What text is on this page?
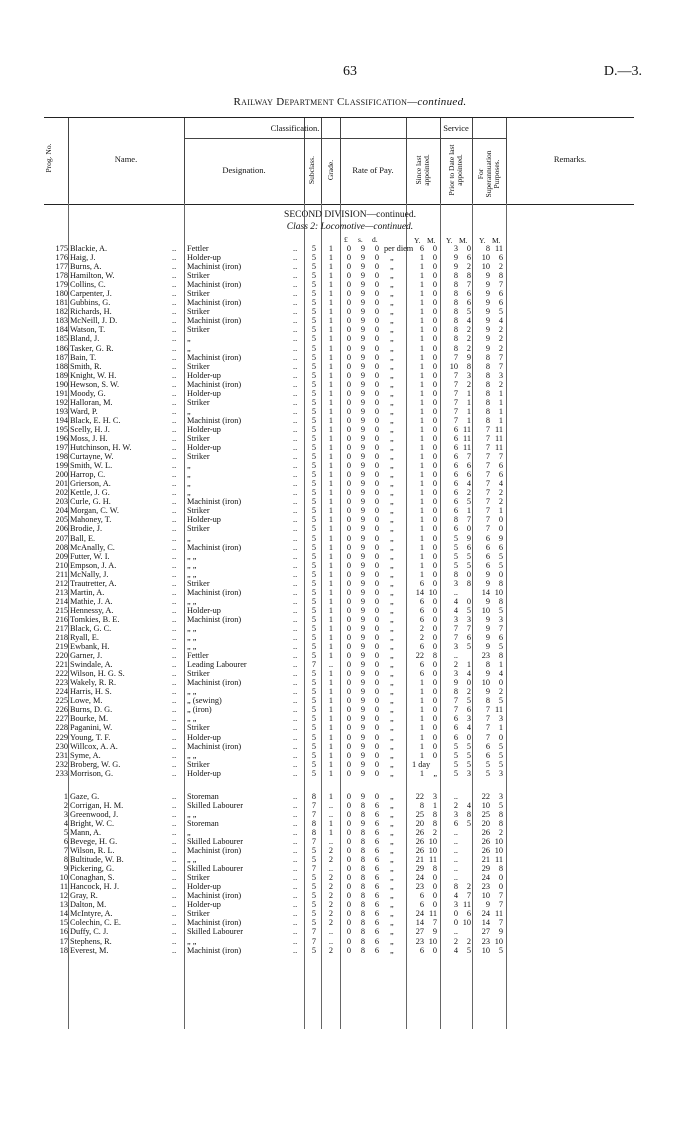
63	D.—3.
Railway Department Classification—continued.
Prog. No.	Name.
Classification.
Designation.	Subclass. Grade.	Rate of Pay.
Service
Since last appointed. Prior to Date last appointed. For Superannuation Purposes.
Remarks.
SECOND DIVISION—continued.
Class 2: Locomotive—continued.
£ s. d.	Y. M. Y. M. Y. M.
175 Blackie, A.	.. Fettler	..	5	1	0	9	0 per diem 6	0	3	0	8 11
176 Haig, J.	.. Holder-up	..	5	1	0	9	0	„	1	0	9	6	10	6
177 Burns, A.	.. Machinist (iron)	..	5	1	0	9	0	„	1	0	9	2	10	2
178 Hamilton, W.	.. Striker	..	5	1	0	9	0	„	1	0	8	8	9	8
179 Collins, C.	.. Machinist (iron)	..	5	1	0	9	0	„	1	0	8	7	9	7
180 Carpenter, J.	.. Striker	..	5	1	0	9	0	„	1	0	8	6	9	6
181 Gubbins, G.	.. Machinist (iron)	..	5	1	0	9	0	„	1	0	8	6	9	6
182 Richards, H.	.. Striker	..	5	1	0	9	0	„	1	0	8	5	9	5
183 McNeill, J. D.	.. Machinist (iron)	..	5	1	0	9	0	„	1	0	8	4	9	4
184 Watson, T.	.. Striker	..	5	1	0	9	0	„	1	0	8	2	9	2
185 Bland, J.	.. „	..	5	1	0	9	0	„	1	0	8	2	9	2
186 Tasker, G. R.	.. „	..	5	1	0	9	0	„	1	0	8	2	9	2
187 Bain, T.	.. Machinist (iron)	..	5	1	0	9	0	„	1	0	7	9	8	7
188 Smith, R.	.. Striker	..	5	1	0	9	0	„	1	0	10	8	8	7
189 Knight, W. H.	.. Holder-up	..	5	1	0	9	0	„	1	0	7	3	8	3
190 Hewson, S. W.	.. Machinist (iron)	..	5	1	0	9	0	„	1	0	7	2	8	2
191 Moody, G.	.. Holder-up	..	5	1	0	9	0	„	1	0	7	1	8	1
192 Halloran, M.	.. Striker	..	5	1	0	9	0	„	1	0	7	1	8	1
193 Ward, P.	.. „	..	5	1	0	9	0	„	1	0	7	1	8	1
194 Black, E. H. C.	.. Machinist (iron)	..	5	1	0	9	0	„	1	0	7	1	8	1
195 Scelly, H. J.	.. Holder-up	..	5	1	0	9	0	„	1	0	6 11	7 11
196 Moss, J. H.	.. Striker	..	5	1	0	9	0	„	1	0	6 11	7 11
197 Hutchinson, H. W.	.. Holder-up	..	5	1	0	9	0	„	1	0	6 11	7 11
198 Curtayne, W.	.. Striker	..	5	1	0	9	0	„	1	0	6	7	7	7
199 Smith, W. L.	.. „	..	5	1	0	9	0	„	1	0	6	6	7	6
200 Harrop, C.	.. „	..	5	1	0	9	0	„	1	0	6	6	7	6
201 Grierson, A.	.. „	..	5	1	0	9	0	„	1	0	6	4	7	4
202 Kettle, J. G.	.. „	..	5	1	0	9	0	„	1	0	6	2	7	2
203 Curle, G. H.	.. Machinist (iron)	..	5	1	0	9	0	„	1	0	6	5	7	2
204 Morgan, C. W.	.. Striker	..	5	1	0	9	0	„	1	0	6	1	7	1
205 Mahoney, T.	.. Holder-up	..	5	1	0	9	0	„	1	0	8	7	7	0
206 Brodie, J.	.. Striker	..	5	1	0	9	0	„	1	0	6	0	7	0
207 Ball, E.	.. „	..	5	1	0	9	0	„	1	0	5	9	6	9
208 McAnally, C.	.. Machinist (iron)	..	5	1	0	9	0	„	1	0	5	6	6	6
209 Futter, W. I.	.. „ „	..	5	1	0	9	0	„	1	0	5	5	6	5
210 Empson, J. A.	.. „ „	..	5	1	0	9	0	„	1	0	5	5	6	5
211 McNally, J.	.. „ „	..	5	1	0	9	0	„	1	0	8	0	9	0
212 Trautretter, A.	.. Striker	..	5	1	0	9	0	„	6	0	3	8	9	8
213 Martin, A.	.. Machinist (iron)	..	5	1	0	9	0	„	14 10	..	14 10
214 Mathie, J. A.	.. „ „	..	5	1	0	9	0	„	6	0	4	0	9	8
215 Hennessy, A.	.. Holder-up	..	5	1	0	9	0	„	6	0	4	5	10	5
216 Tomkies, B. E.	.. Machinist (iron)	..	5	1	0	9	0	„	6	0	3	3	9	3
217 Black, G. C.	.. „ „	..	5	1	0	9	0	„	2	0	7	7	9	7
218 Ryall, E.	.. „ „	..	5	1	0	9	0	„	2	0	7	6	9	6
219 Ewbank, H.	.. „ „	..	5	1	0	9	0	„	6	0	3	5	9	5
220 Garner, J.	.. Fettler	..	5	1	0	9	0	„	22	8	..	23	8
221 Swindale, A.	.. Leading Labourer	..	7	..	0	9	0	„	6	0	2	1	8	1
222 Wilson, H. G. S.	.. Striker	..	5	1	0	9	0	„	6	0	3	4	9	4
223 Wakely, R. R.	.. Machinist (iron)	..	5	1	0	9	0	„	1	0	9	0	10	0
224 Harris, H. S.	.. „ „	..	5	1	0	9	0	„	1	0	8	2	9	2
225 Lowe, M.	.. „ (sewing)	..	5	1	0	9	0	„	1	0	7	5	8	5
226 Burns, D. G.	.. „ (iron)	..	5	1	0	9	0	„	1	0	7	6	7 11
227 Bourke, M.	.. „ „	..	5	1	0	9	0	„	1	0	6	3	7	3
228 Paganini, W.	.. Striker	..	5	1	0	9	0	„	1	0	6	4	7	1
229 Young, T. F.	.. Holder-up	..	5	1	0	9	0	„	1	0	6	0	7	0
230 Willcox, A. A.	.. Machinist (iron)	..	5	1	0	9	0	„	1	0	5	5	6	5
231 Syme, A.	.. „ „	..	5	1	0	9	0	„	1	0	5	5	6	5
232 Broberg, W. G.	.. Striker	..	5	1	0	9	0	„ 1 day	5	5	5	5
233 Morrison, G.	.. Holder-up	..	5	1	0	9	0	„	1	„	5	3	5	3
1 Gaze, G.	.. Storeman	..	8	1	0	9	0	„	22	3	..	22	3
2 Corrigan, H. M.	.. Skilled Labourer	..	7	..	0	8	6	„	8	1	2	4	10	5
3 Greenwood, J.	.. „ „	..	7	..	0	8	6	„	25	8	3	8	25	8
4 Bright, W. C.	.. Storeman	..	8	1	0	9	6	„	20	8	6	5	20	8
5 Mann, A.	.. „	..	8	1	0	8	6	„	26	2	..	26	2
6 Bevege, H. G.	.. Skilled Labourer	..	7	..	0	8	6	„	26 10	..	26 10
7 Wilson, R. L.	.. Machinist (iron)	..	5	2	0	8	6	„	26 10	..	26 10
8 Bultitude, W. B.	.. „ „	..	5	2	0	8	6	„	21 11	..	21 11
9 Pickering, G.	.. Skilled Labourer	..	7	..	0	8	6	„	29	8	..	29	8
10 Conaghan, S.	.. Striker	..	5	2	0	8	6	„	24	0	..	24	0
11 Hancock, H. J.	.. Holder-up	..	5	2	0	8	6	„	23	0	8	2	23	0
12 Gray, R.	.. Machinist (iron)	..	5	2	0	8	6	„	6	0	4	7	10	7
13 Dalton, M.	.. Holder-up	..	5	2	0	8	6	„	6	0	3 11	9	7
14 McIntyre, A.	.. Striker	..	5	2	0	8	6	„	24 11	0	6	24 11
15 Colechin, C. E.	.. Machinist (iron)	..	5	2	0	8	6	„	14	7	0 10	14	7
16 Duffy, C. J.	.. Skilled Labourer	..	7	..	0	8	6	„	27	9	..	27	9
17 Stephens, R.	.. „ „	..	7	..	0	8	6	„	23 10	2	2	23 10
18 Everest, M.	.. Machinist (iron)	..	5	2	0	8	6	„	6	0	4	5	10	5
